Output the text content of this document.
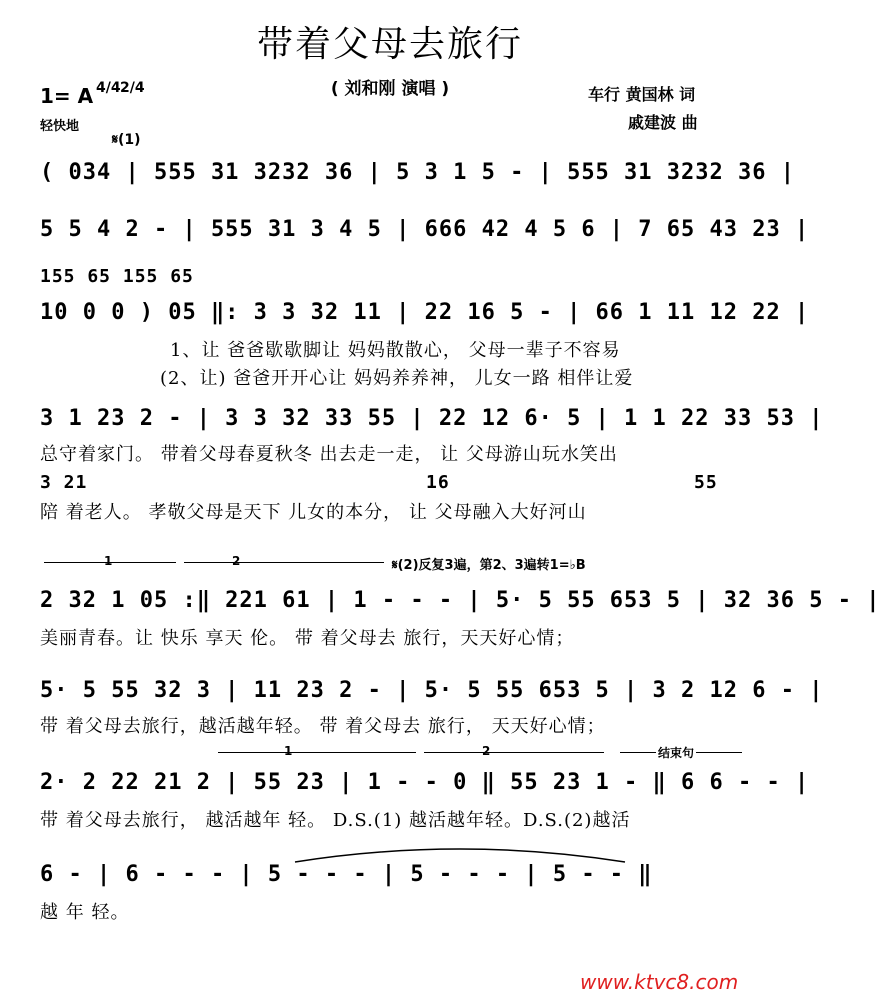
带着父母去旅行
( 刘和刚 演唱 )	车行 黄国林 词
戚建波 曲
1= A 4/4 2/4
轻快地
𝄋(1)
( 034 | 555 31 3232 36 | 5 3 1 5 - | 555 31 3232 36 |
5 5 4 2 - | 555 31 3 4 5 | 666 42 4 5 6 | 7 65 43 23 |
155 65 155 65
10 0 0 ) 05 ‖: 3 3 32 11 | 22 16 5 - | 66 1 11 12 22 |
1、让 爸爸歇歇脚让 妈妈散散心， 父母一辈子不容易
(2、让) 爸爸开开心让 妈妈养养神， 儿女一路 相伴让爱
3 1 23 2 - | 3 3 32 33 55 | 22 12 6· 5 | 1 1 22 33 53 |
总守着家门。 带着父母春夏秋冬 出去走一走， 让 父母游山玩水笑出
3 21	16	55
陪 着老人。 孝敬父母是天下 儿女的本分， 让 父母融入大好河山
1	2	𝄋(2)反复3遍，第2、3遍转1=♭B
2 32 1 05 :‖ 221 61 | 1 - - - | 5· 5 55 653 5 | 32 36 5 - |
美丽青春。让 快乐 享天 伦。 带 着父母去 旅行，天天好心情；
5· 5 55 32 3 | 11 23 2 - | 5· 5 55 653 5 | 3 2 12 6 - |
带 着父母去旅行，越活越年轻。 带 着父母去 旅行， 天天好心情；
1	2	结束句
2· 2 22 21 2 | 55 23 | 1 - - 0 ‖ 55 23 1 - ‖ 6 6 - - |
带 着父母去旅行， 越活越年 轻。 D.S.(1) 越活越年轻。D.S.(2)越活
6 - | 6 - - - | 5 - - - | 5 - - - | 5 - - ‖
越 年 轻。
www.ktvc8.com
